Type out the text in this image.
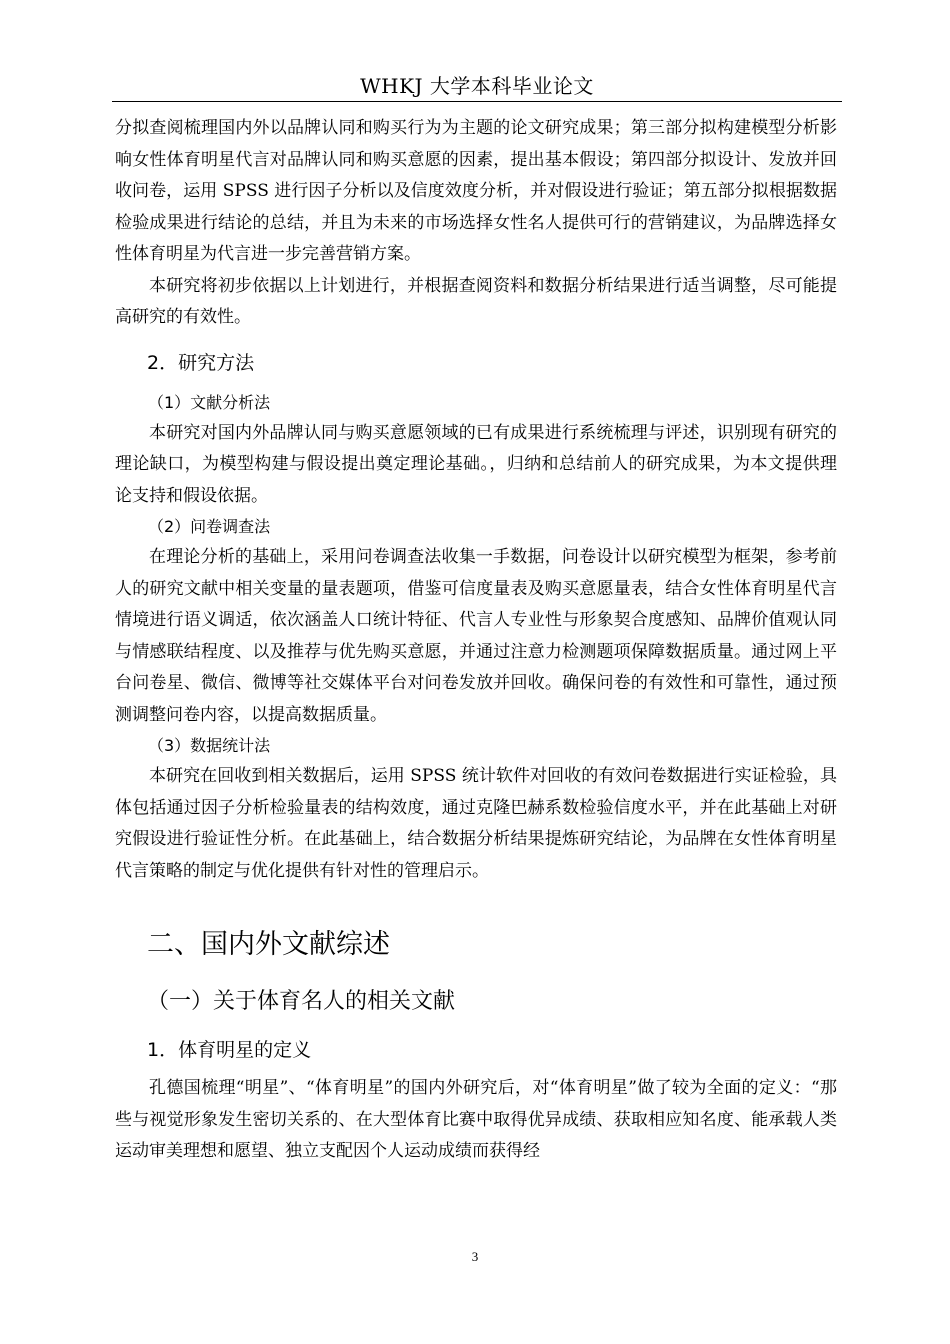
WHKJ 大学本科毕业论文

分拟查阅梳理国内外以品牌认同和购买行为为主题的论文研究成果；第三部分拟构建模型分析影响女性体育明星代言对品牌认同和购买意愿的因素，提出基本假设；第四部分拟设计、发放并回收问卷，运用 SPSS 进行因子分析以及信度效度分析，并对假设进行验证；第五部分拟根据数据检验成果进行结论的总结，并且为未来的市场选择女性名人提供可行的营销建议，为品牌选择女性体育明星为代言进一步完善营销方案。

本研究将初步依据以上计划进行，并根据查阅资料和数据分析结果进行适当调整，尽可能提高研究的有效性。

2．研究方法

（1）文献分析法

本研究对国内外品牌认同与购买意愿领域的已有成果进行系统梳理与评述，识别现有研究的理论缺口，为模型构建与假设提出奠定理论基础。，归纳和总结前人的研究成果，为本文提供理论支持和假设依据。

（2）问卷调查法

在理论分析的基础上，采用问卷调查法收集一手数据，问卷设计以研究模型为框架，参考前人的研究文献中相关变量的量表题项，借鉴可信度量表及购买意愿量表，结合女性体育明星代言情境进行语义调适，依次涵盖人口统计特征、代言人专业性与形象契合度感知、品牌价值观认同与情感联结程度、以及推荐与优先购买意愿，并通过注意力检测题项保障数据质量。通过网上平台问卷星、微信、微博等社交媒体平台对问卷发放并回收。确保问卷的有效性和可靠性，通过预测调整问卷内容，以提高数据质量。

（3）数据统计法

本研究在回收到相关数据后，运用 SPSS 统计软件对回收的有效问卷数据进行实证检验，具体包括通过因子分析检验量表的结构效度，通过克隆巴赫系数检验信度水平，并在此基础上对研究假设进行验证性分析。在此基础上，结合数据分析结果提炼研究结论，为品牌在女性体育明星代言策略的制定与优化提供有针对性的管理启示。

二、国内外文献综述

（一）关于体育名人的相关文献

1．体育明星的定义

孔德国梳理“明星”、“体育明星”的国内外研究后，对“体育明星”做了较为全面的定义：“那些与视觉形象发生密切关系的、在大型体育比赛中取得优异成绩、获取相应知名度、能承载人类运动审美理想和愿望、独立支配因个人运动成绩而获得经

3
